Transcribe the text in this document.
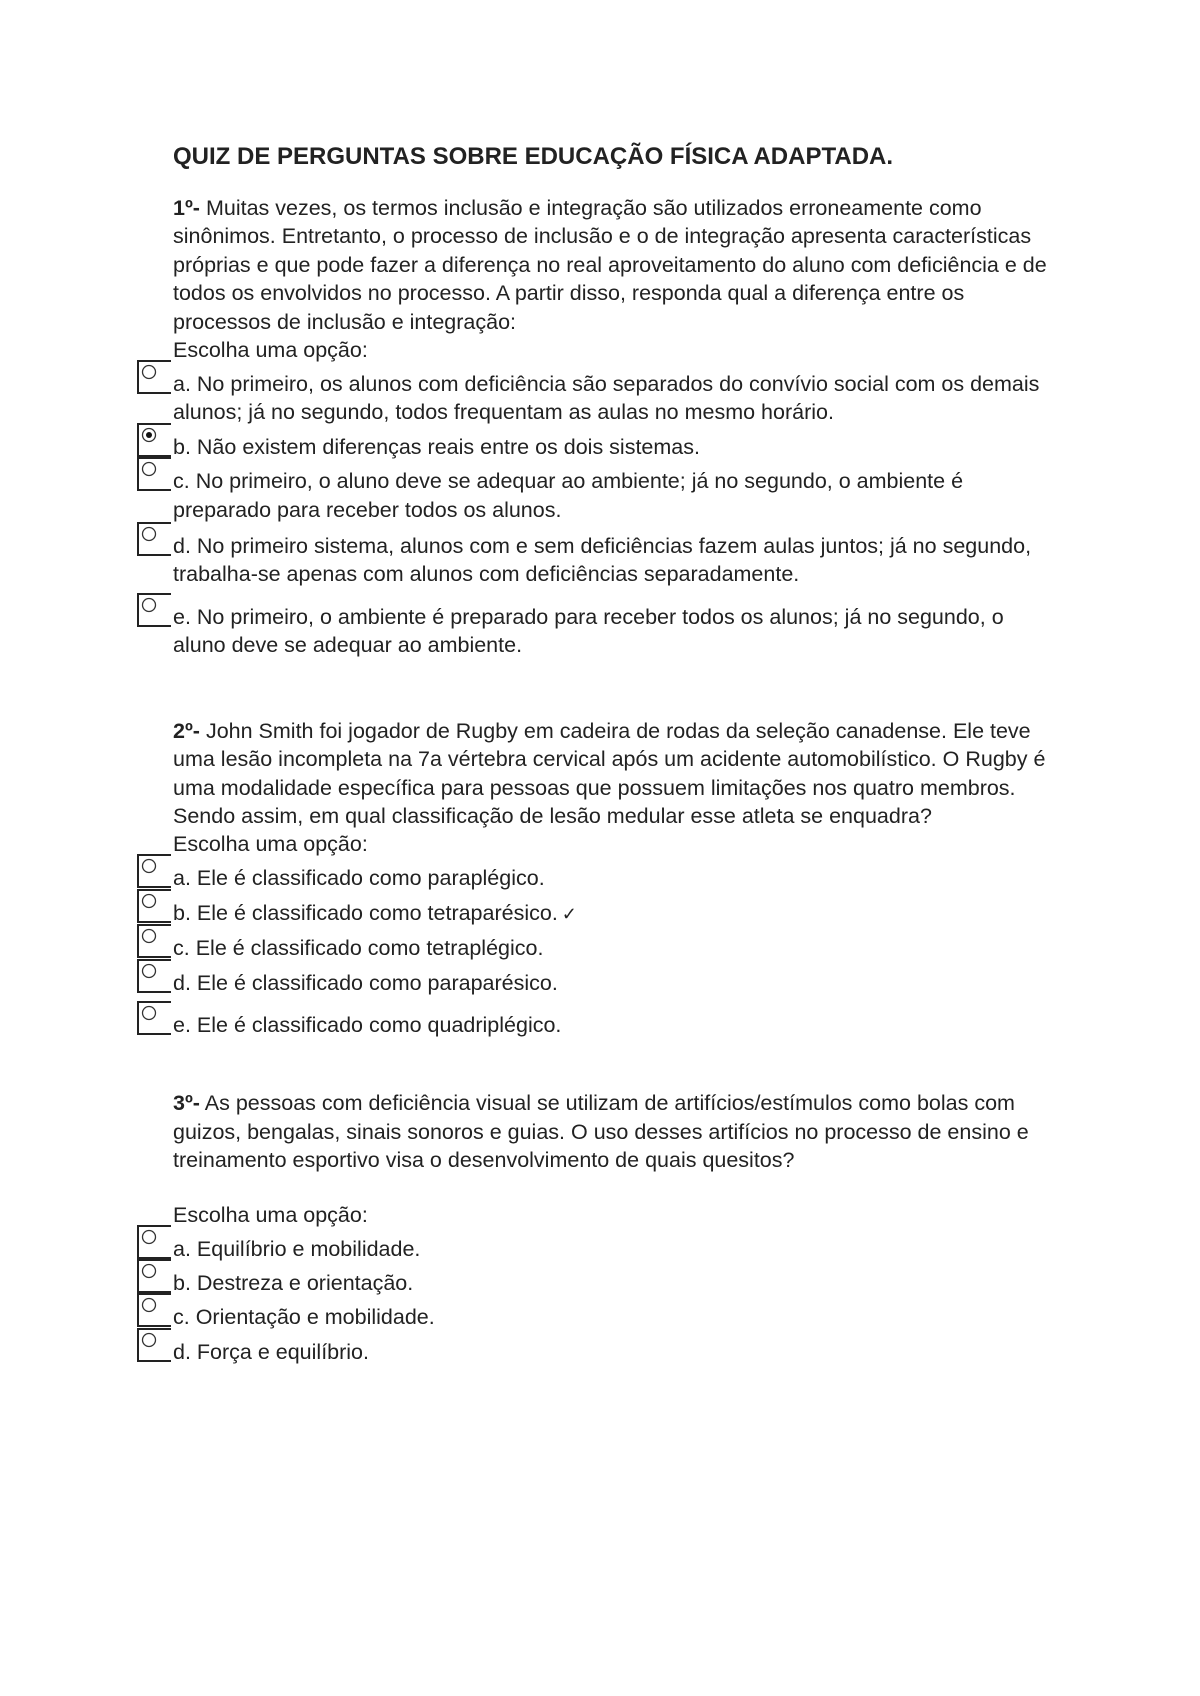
QUIZ DE PERGUNTAS SOBRE EDUCAÇÃO FÍSICA ADAPTADA.

1º- Muitas vezes, os termos inclusão e integração são utilizados erroneamente como sinônimos. Entretanto, o processo de inclusão e o de integração apresenta características próprias e que pode fazer a diferença no real aproveitamento do aluno com deficiência e de todos os envolvidos no processo. A partir disso, responda qual a diferença entre os processos de inclusão e integração:

Escolha uma opção:

a. No primeiro, os alunos com deficiência são separados do convívio social com os demais alunos; já no segundo, todos frequentam as aulas no mesmo horário.
b. Não existem diferenças reais entre os dois sistemas.
c. No primeiro, o aluno deve se adequar ao ambiente; já no segundo, o ambiente é preparado para receber todos os alunos.
d. No primeiro sistema, alunos com e sem deficiências fazem aulas juntos; já no segundo, trabalha-se apenas com alunos com deficiências separadamente.
e. No primeiro, o ambiente é preparado para receber todos os alunos; já no segundo, o aluno deve se adequar ao ambiente.

2º- John Smith foi jogador de Rugby em cadeira de rodas da seleção canadense. Ele teve uma lesão incompleta na 7a vértebra cervical após um acidente automobilístico. O Rugby é uma modalidade específica para pessoas que possuem limitações nos quatro membros. Sendo assim, em qual classificação de lesão medular esse atleta se enquadra?

Escolha uma opção:

a. Ele é classificado como paraplégico.
b. Ele é classificado como tetraparésico. ✓
c. Ele é classificado como tetraplégico.
d. Ele é classificado como paraparésico.
e. Ele é classificado como quadriplégico.

3º- As pessoas com deficiência visual se utilizam de artifícios/estímulos como bolas com guizos, bengalas, sinais sonoros e guias. O uso desses artifícios no processo de ensino e treinamento esportivo visa o desenvolvimento de quais quesitos?

Escolha uma opção:

a. Equilíbrio e mobilidade.
b. Destreza e orientação.
c. Orientação e mobilidade.
d. Força e equilíbrio.
